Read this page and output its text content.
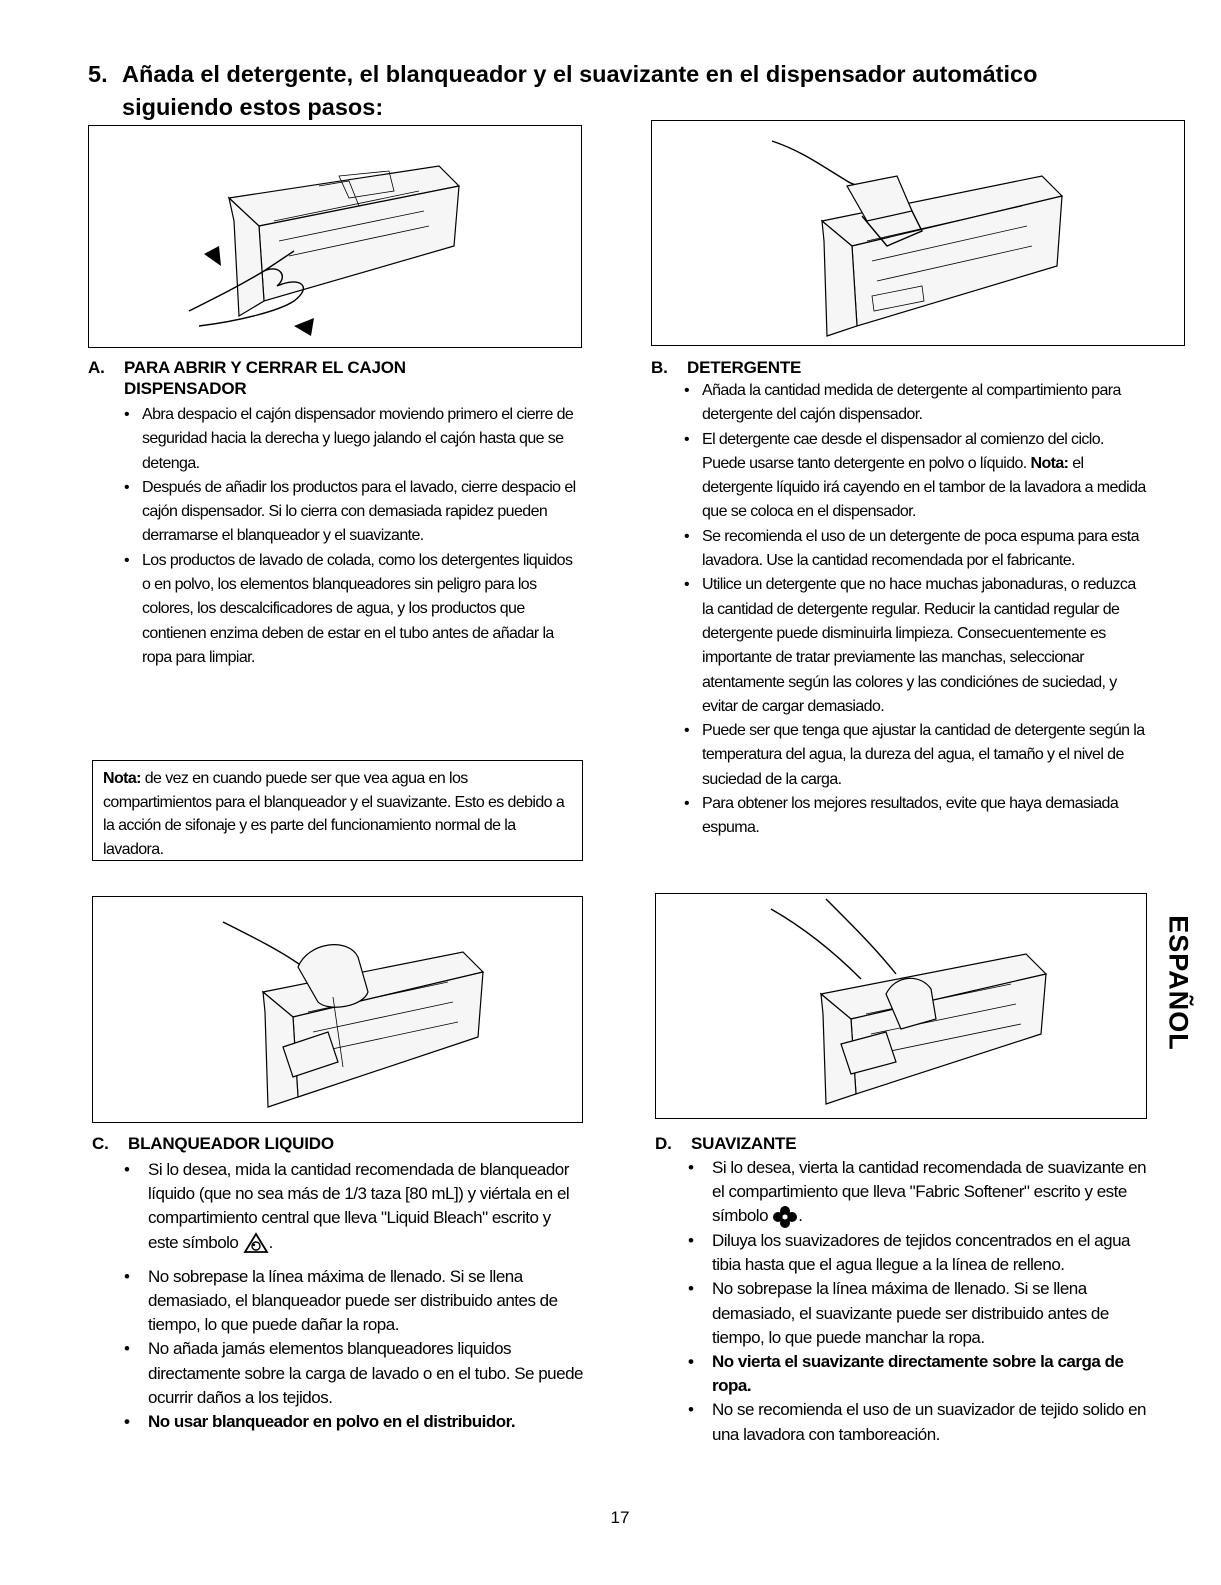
5. Añada el detergente, el blanqueador y el suavizante en el dispensador automático
siguiendo estos pasos:
A. PARA ABRIR Y CERRAR EL CAJON
DISPENSADOR
• Abra despacio el cajón dispensador moviendo primero el cierre de seguridad hacia la derecha y luego jalando el cajón hasta que se detenga.
• Después de añadir los productos para el lavado, cierre despacio el cajón dispensador. Si lo cierra con demasiada rapidez pueden derramarse el blanqueador y el suavizante.
• Los productos de lavado de colada, como los detergentes liquidos o en polvo, los elementos blanqueadores sin peligro para los colores, los descalcificadores de agua, y los productos que contienen enzima deben de estar en el tubo antes de añadar la ropa para limpiar.
Nota: de vez en cuando puede ser que vea agua en los compartimientos para el blanqueador y el suavizante. Esto es debido a la acción de sifonaje y es parte del funcionamiento normal de la lavadora.
B. DETERGENTE
• Añada la cantidad medida de detergente al compartimiento para detergente del cajón dispensador.
• El detergente cae desde el dispensador al comienzo del ciclo. Puede usarse tanto detergente en polvo o líquido. Nota: el detergente líquido irá cayendo en el tambor de la lavadora a medida que se coloca en el dispensador.
• Se recomienda el uso de un detergente de poca espuma para esta lavadora. Use la cantidad recomendada por el fabricante.
• Utilice un detergente que no hace muchas jabonaduras, o reduzca la cantidad de detergente regular. Reducir la cantidad regular de detergente puede disminuirla limpieza. Consecuentemente es importante de tratar previamente las manchas, seleccionar atentamente según las colores y las condiciónes de suciedad, y evitar de cargar demasiado.
• Puede ser que tenga que ajustar la cantidad de detergente según la temperatura del agua, la dureza del agua, el tamaño y el nivel de suciedad de la carga.
• Para obtener los mejores resultados, evite que haya demasiada espuma.
C. BLANQUEADOR LIQUIDO
• Si lo desea, mida la cantidad recomendada de blanqueador líquido (que no sea más de 1/3 taza [80 mL]) y viértala en el compartimiento central que lleva "Liquid Bleach" escrito y este símbolo .
• No sobrepase la línea máxima de llenado. Si se llena demasiado, el blanqueador puede ser distribuido antes de tiempo, lo que puede dañar la ropa.
• No añada jamás elementos blanqueadores liquidos directamente sobre la carga de lavado o en el tubo. Se puede ocurrir daños a los tejidos.
• No usar blanqueador en polvo en el distribuidor.
D. SUAVIZANTE
• Si lo desea, vierta la cantidad recomendada de suavizante en el compartimiento que lleva "Fabric Softener" escrito y este símbolo .
• Diluya los suavizadores de tejidos concentrados en el agua tibia hasta que el agua llegue a la línea de relleno.
• No sobrepase la línea máxima de llenado. Si se llena demasiado, el suavizante puede ser distribuido antes de tiempo, lo que puede manchar la ropa.
• No vierta el suavizante directamente sobre la carga de ropa.
• No se recomienda el uso de un suavizador de tejido solido en una lavadora con tamboreación.
ESPAÑOL
17
